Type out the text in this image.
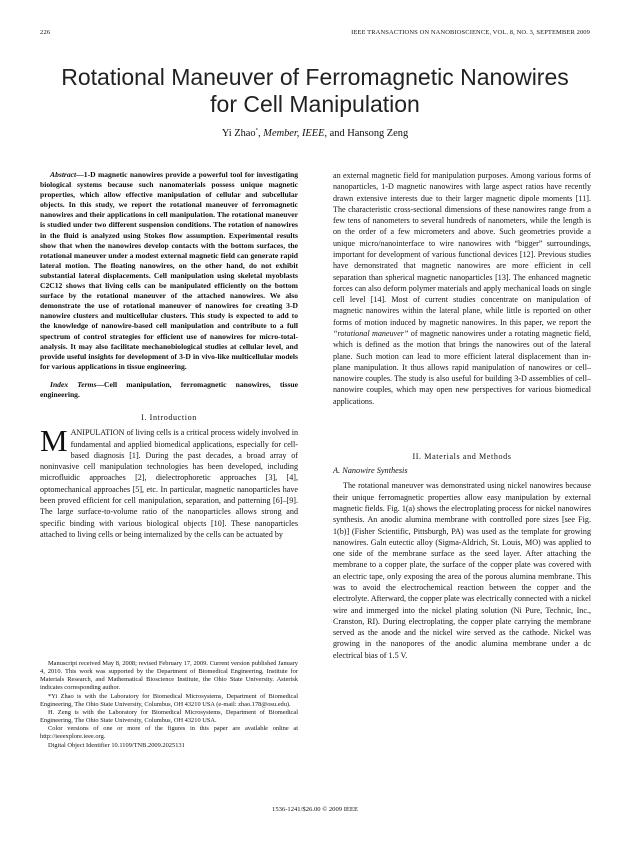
226	IEEE TRANSACTIONS ON NANOBIOSCIENCE, VOL. 8, NO. 3, SEPTEMBER 2009
Rotational Maneuver of Ferromagnetic Nanowires
for Cell Manipulation
Yi Zhao*, Member, IEEE, and Hansong Zeng

Abstract—1-D magnetic nanowires provide a powerful tool for investigating biological systems because such nanomaterials possess unique magnetic properties, which allow effective manipulation of cellular and subcellular objects. In this study, we report the rotational maneuver of ferromagnetic nanowires and their applications in cell manipulation. The rotational maneuver is studied under two different suspension conditions. The rotation of nanowires in the fluid is analyzed using Stokes flow assumption. Experimental results show that when the nanowires develop contacts with the bottom surfaces, the rotational maneuver under a modest external magnetic field can generate rapid lateral motion. The floating nanowires, on the other hand, do not exhibit substantial lateral displacements. Cell manipulation using skeletal myoblasts C2C12 shows that living cells can be manipulated efficiently on the bottom surface by the rotational maneuver of the attached nanowires. We also demonstrate the use of rotational maneuver of nanowires for creating 3-D nanowire clusters and multicellular clusters. This study is expected to add to the knowledge of nanowire-based cell manipulation and contribute to a full spectrum of control strategies for efficient use of nanowires for micro-total-analysis. It may also facilitate mechanobiological studies at cellular level, and provide useful insights for development of 3-D in vivo-like multicellular models for various applications in tissue engineering.

Index Terms—Cell manipulation, ferromagnetic nanowires, tissue engineering.

I. Introduction

MANIPULATION of living cells is a critical process widely involved in fundamental and applied biomedical applications, especially for cell-based diagnosis [1]. During the past decades, a broad array of noninvasive cell manipulation technologies has been developed, including microfluidic approaches [2], dielectrophoretic approaches [3], [4], optomechanical approaches [5], etc. In particular, magnetic nanoparticles have been proved efficient for cell manipulation, separation, and patterning [6]–[9]. The large surface-to-volume ratio of the nanoparticles allows strong and specific binding with various biological objects [10]. These nanoparticles attached to living cells or being internalized by the cells can be actuated by

Manuscript received May 8, 2008; revised February 17, 2009. Current version published January 4, 2010. This work was supported by the Department of Biomedical Engineering, Institute for Materials Research, and Mathematical Bioscience Institute, the Ohio State University. Asterisk indicates corresponding author.

*Yi Zhao is with the Laboratory for Biomedical Microsystems, Department of Biomedical Engineering, The Ohio State University, Columbus, OH 43210 USA (e-mail: zhao.178@osu.edu).

H. Zeng is with the Laboratory for Biomedical Microsystems, Department of Biomedical Engineering, The Ohio State University, Columbus, OH 43210 USA.

Color versions of one or more of the figures in this paper are available online at http://ieeexplore.ieee.org.

Digital Object Identifier 10.1109/TNB.2009.2025131

an external magnetic field for manipulation purposes. Among various forms of nanoparticles, 1-D magnetic nanowires with large aspect ratios have recently drawn extensive interests due to their larger magnetic dipole moments [11]. The characteristic cross-sectional dimensions of these nanowires range from a few tens of nanometers to several hundreds of nanometers, while the length is on the order of a few micrometers and above. Such geometries provide a unique micro/nanointerface to wire nanowires with “bigger” surroundings, important for development of various functional devices [12]. Previous studies have demonstrated that magnetic nanowires are more efficient in cell separation than spherical magnetic nanoparticles [13]. The enhanced magnetic forces can also deform polymer materials and apply mechanical loads on single cell level [14]. Most of current studies concentrate on manipulation of magnetic nanowires within the lateral plane, while little is reported on other forms of motion induced by magnetic nanowires. In this paper, we report the “rotational maneuver” of magnetic nanowires under a rotating magnetic field, which is defined as the motion that brings the nanowires out of the lateral plane. Such motion can lead to more efficient lateral displacement than in-plane manipulation. It thus allows rapid manipulation of nanowires or cell–nanowire couples. The study is also useful for building 3-D assemblies of cell–nanowire couples, which may open new perspectives for various biomedical applications.

II. Materials and Methods
A. Nanowire Synthesis

The rotational maneuver was demonstrated using nickel nanowires because their unique ferromagnetic properties allow easy manipulation by external magnetic fields. Fig. 1(a) shows the electroplating process for nickel nanowires synthesis. An anodic alumina membrane with controlled pore sizes [see Fig. 1(b)] (Fisher Scientific, Pittsburgh, PA) was used as the template for growing nanowires. Galn eutectic alloy (Sigma-Aldrich, St. Louis, MO) was applied to one side of the membrane surface as the seed layer. After attaching the membrane to a copper plate, the surface of the copper plate was covered with an electric tape, only exposing the area of the porous alumina membrane. This was to avoid the electrochemical reaction between the copper and the electrolyte. Afterward, the copper plate was electrically connected with a nickel wire and immerged into the nickel plating solution (Ni Pure, Technic, Inc., Cranston, RI). During electroplating, the copper plate carrying the membrane served as the anode and the nickel wire served as the cathode. Nickel was growing in the nanopores of the anodic alumina membrane under a dc electrical bias of 1.5 V.

1536-1241/$26.00 © 2009 IEEE
